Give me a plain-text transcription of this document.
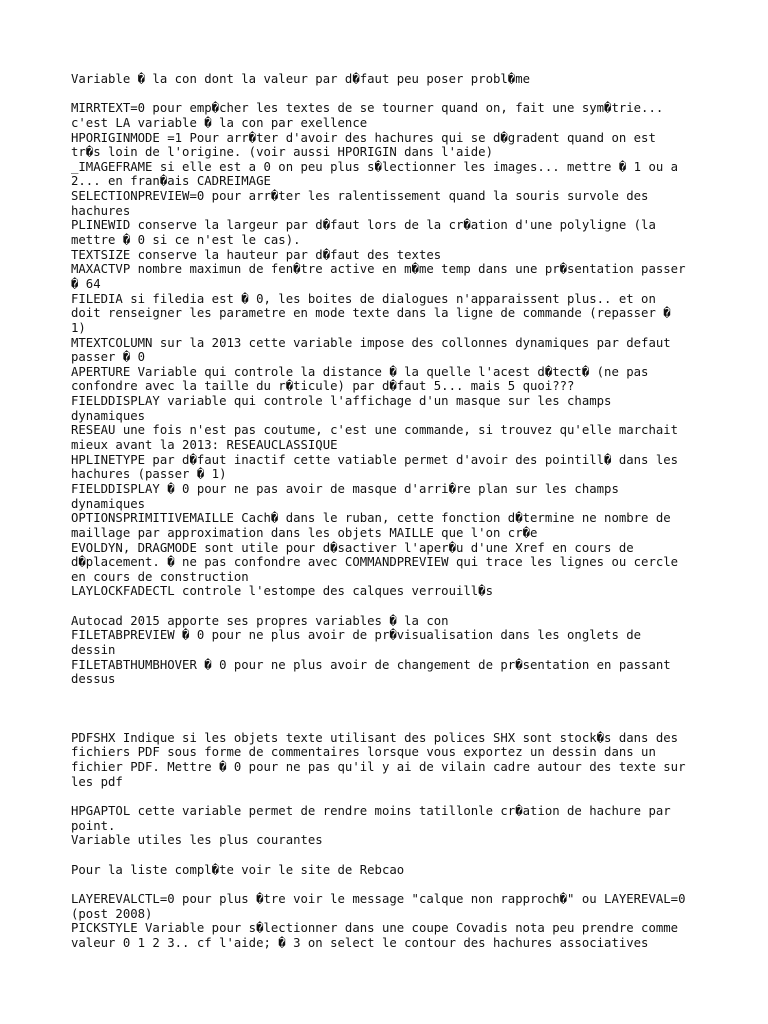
Variable � la con dont la valeur par d�faut peu poser probl�me
MIRRTEXT=0 pour emp�cher les textes de se tourner quand on, fait une sym�trie...
c'est LA variable � la con par exellence
HPORIGINMODE =1 Pour arr�ter d'avoir des hachures qui se d�gradent quand on est
tr�s loin de l'origine. (voir aussi HPORIGIN dans l'aide)
_IMAGEFRAME si elle est a 0 on peu plus s�lectionner les images... mettre � 1 ou a
2... en fran�ais CADREIMAGE
SELECTIONPREVIEW=0 pour arr�ter les ralentissement quand la souris survole des
hachures
PLINEWID conserve la largeur par d�faut lors de la cr�ation d'une polyligne (la
mettre � 0 si ce n'est le cas).
TEXTSIZE conserve la hauteur par d�faut des textes
MAXACTVP nombre maximun de fen�tre active en m�me temp dans une pr�sentation passer
� 64
FILEDIA si filedia est � 0, les boites de dialogues n'apparaissent plus.. et on
doit renseigner les parametre en mode texte dans la ligne de commande (repasser �
1)
MTEXTCOLUMN sur la 2013 cette variable impose des collonnes dynamiques par defaut
passer � 0
APERTURE Variable qui controle la distance � la quelle l'acest d�tect� (ne pas
confondre avec la taille du r�ticule) par d�faut 5... mais 5 quoi???
FIELDDISPLAY variable qui controle l'affichage d'un masque sur les champs
dynamiques
RESEAU une fois n'est pas coutume, c'est une commande, si trouvez qu'elle marchait
mieux avant la 2013: RESEAUCLASSIQUE
HPLINETYPE par d�faut inactif cette vatiable permet d'avoir des pointill� dans les
hachures (passer � 1)
FIELDDISPLAY � 0 pour ne pas avoir de masque d'arri�re plan sur les champs
dynamiques
OPTIONSPRIMITIVEMAILLE Cach� dans le ruban, cette fonction d�termine ne nombre de
maillage par approximation dans les objets MAILLE que l'on cr�e
EVOLDYN, DRAGMODE sont utile pour d�sactiver l'aper�u d'une Xref en cours de
d�placement. � ne pas confondre avec COMMANDPREVIEW qui trace les lignes ou cercle
en cours de construction
LAYLOCKFADECTL controle l'estompe des calques verrouill�s
Autocad 2015 apporte ses propres variables � la con
FILETABPREVIEW � 0 pour ne plus avoir de pr�visualisation dans les onglets de
dessin
FILETABTHUMBHOVER � 0 pour ne plus avoir de changement de pr�sentation en passant
dessus
PDFSHX Indique si les objets texte utilisant des polices SHX sont stock�s dans des
fichiers PDF sous forme de commentaires lorsque vous exportez un dessin dans un
fichier PDF. Mettre � 0 pour ne pas qu'il y ai de vilain cadre autour des texte sur
les pdf
HPGAPTOL cette variable permet de rendre moins tatillonle cr�ation de hachure par
point.
Variable utiles les plus courantes
Pour la liste compl�te voir le site de Rebcao
LAYEREVALCTL=0 pour plus �tre voir le message "calque non rapproch�" ou LAYEREVAL=0
(post 2008)
PICKSTYLE Variable pour s�lectionner dans une coupe Covadis nota peu prendre comme
valeur 0 1 2 3.. cf l'aide; � 3 on select le contour des hachures associatives
